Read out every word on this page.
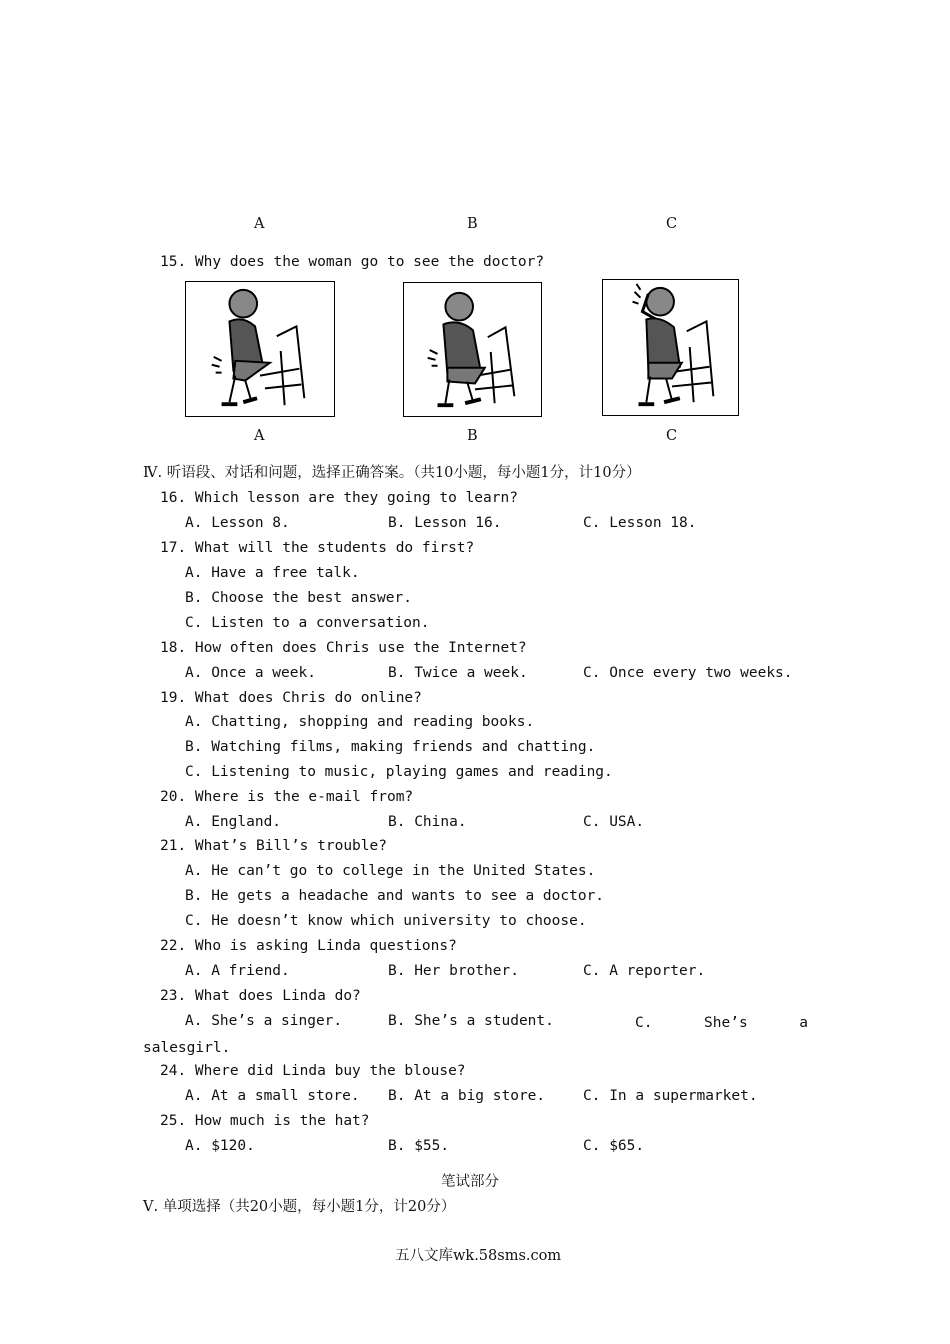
A	B	C
15. Why does the woman go to see the doctor?
A	B	C
Ⅳ. 听语段、对话和问题，选择正确答案。（共10小题，每小题1分，计10分）
16. Which lesson are they going to learn?
A. Lesson 8.	B. Lesson 16.	C. Lesson 18.
17. What will the students do first?
A. Have a free talk.
B. Choose the best answer.
C. Listen to a conversation.
18. How often does Chris use the Internet?
A. Once a week.	B. Twice a week.	C. Once every two weeks.
19. What does Chris do online?
A. Chatting, shopping and reading books.
B. Watching films, making friends and chatting.
C. Listening to music, playing games and reading.
20. Where is the e-mail from?
A. England.	B. China.	C. USA.
21. What’s Bill’s trouble?
A. He can’t go to college in the United States.
B. He gets a headache and wants to see a doctor.
C. He doesn’t know which university to choose.
22. Who is asking Linda questions?
A. A friend.	B. Her brother.	C. A reporter.
23. What does Linda do?
A. She’s a singer.	B. She’s a student.	C. She’s a salesgirl.
24. Where did Linda buy the blouse?
A. At a small store. B. At a big store.	C. In a supermarket.
25. How much is the hat?
A. $120.	B. $55.	C. $65.
笔试部分
Ⅴ. 单项选择（共20小题，每小题1分，计20分）
五八文库wk.58sms.com
